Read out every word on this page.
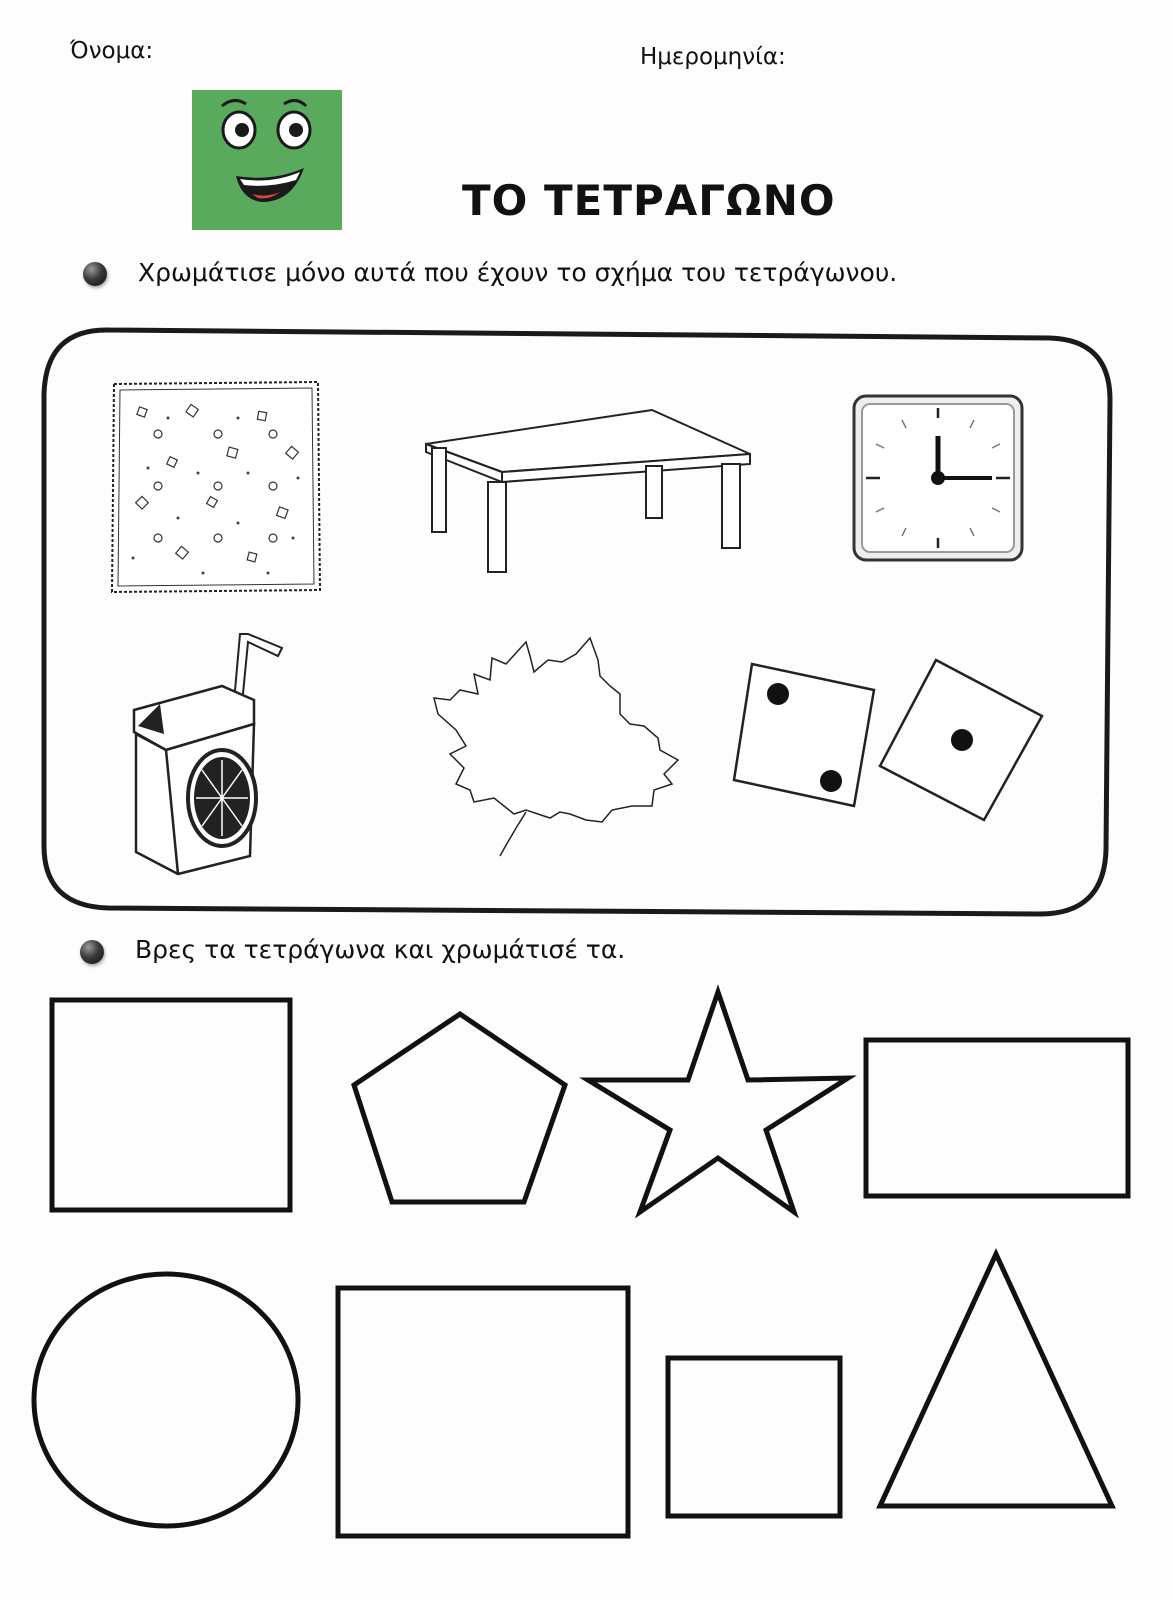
Όνομα:	Ημερομηνία:
ΤΟ ΤΕΤΡΑΓΩΝΟ
Χρωμάτισε μόνο αυτά που έχουν το σχήμα του τετράγωνου.
Βρες τα τετράγωνα και χρωμάτισέ τα.
